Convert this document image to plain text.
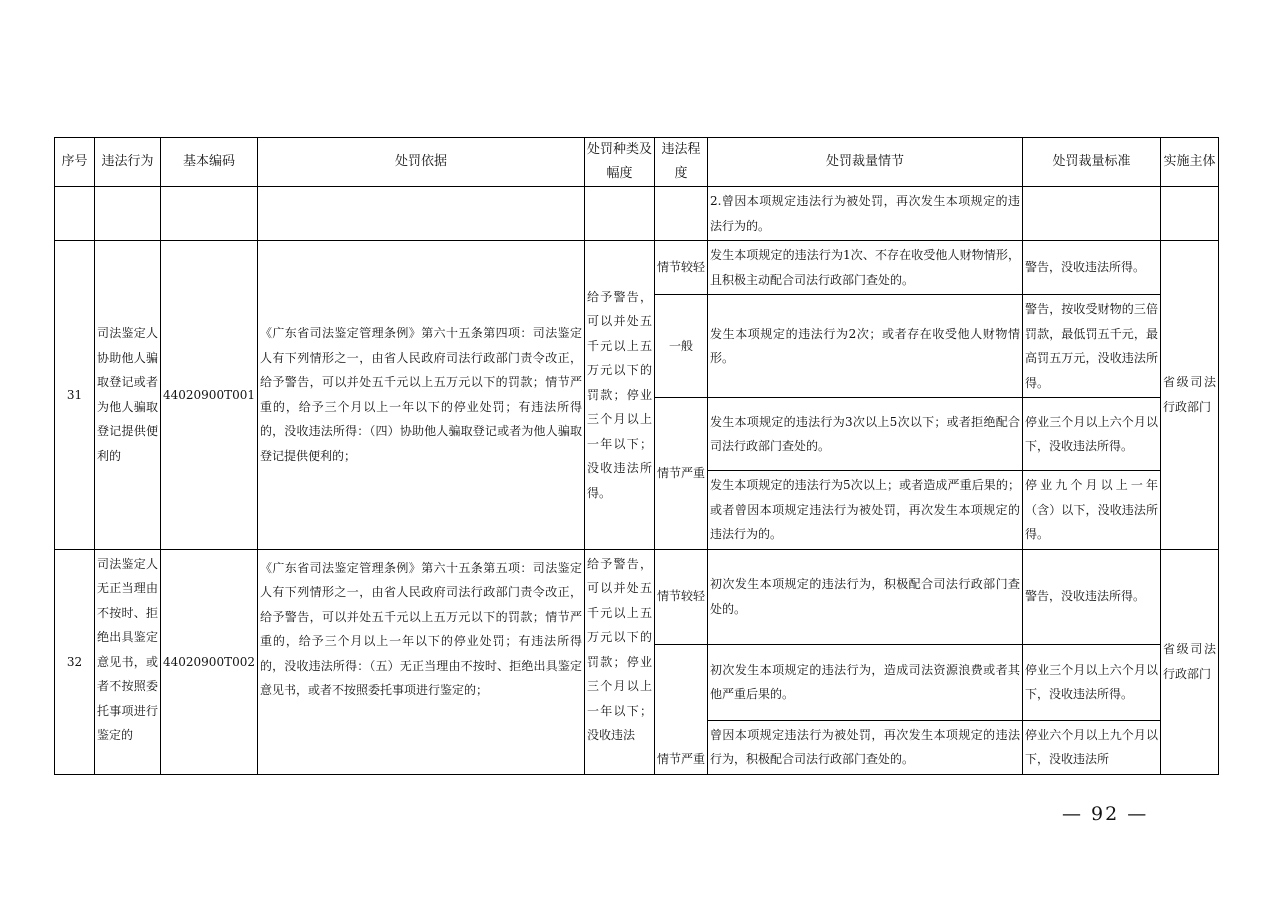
序号	违法行为	基本编码	处罚依据	处罚种类及幅度	违法程度	处罚裁量情节	处罚裁量标准	实施主体
						2.曾因本项规定违法行为被处罚，再次发生本项规定的违法行为的。		
31	司法鉴定人协助他人骗取登记或者为他人骗取登记提供便利的	44020900T001	《广东省司法鉴定管理条例》第六十五条第四项：司法鉴定人有下列情形之一，由省人民政府司法行政部门责令改正，给予警告，可以并处五千元以上五万元以下的罚款；情节严重的，给予三个月以上一年以下的停业处罚；有违法所得的，没收违法所得：（四）协助他人骗取登记或者为他人骗取登记提供便利的；	给予警告，可以并处五千元以上五万元以下的罚款；停业三个月以上一年以下；没收违法所得。	情节较轻	发生本项规定的违法行为1次、不存在收受他人财物情形，且积极主动配合司法行政部门查处的。	警告，没收违法所得。	省级司法行政部门
					一般	发生本项规定的违法行为2次；或者存在收受他人财物情形。	警告，按收受财物的三倍罚款，最低罚五千元，最高罚五万元，没收违法所得。	
					情节严重	发生本项规定的违法行为3次以上5次以下；或者拒绝配合司法行政部门查处的。	停业三个月以上六个月以下，没收违法所得。	
						发生本项规定的违法行为5次以上；或者造成严重后果的；或者曾因本项规定违法行为被处罚，再次发生本项规定的违法行为的。	停业九个月以上一年（含）以下，没收违法所得。	
32	司法鉴定人无正当理由不按时、拒绝出具鉴定意见书，或者不按照委托事项进行鉴定的	44020900T002	《广东省司法鉴定管理条例》第六十五条第五项：司法鉴定人有下列情形之一，由省人民政府司法行政部门责令改正，给予警告，可以并处五千元以上五万元以下的罚款；情节严重的，给予三个月以上一年以下的停业处罚；有违法所得的，没收违法所得：（五）无正当理由不按时、拒绝出具鉴定意见书，或者不按照委托事项进行鉴定的；	给予警告，可以并处五千元以上五万元以下的罚款；停业三个月以上一年以下；没收违法	情节较轻	初次发生本项规定的违法行为，积极配合司法行政部门查处的。	警告，没收违法所得。	省级司法行政部门
					情节严重	初次发生本项规定的违法行为，造成司法资源浪费或者其他严重后果的。	停业三个月以上六个月以下，没收违法所得。	
						曾因本项规定违法行为被处罚，再次发生本项规定的违法行为，积极配合司法行政部门查处的。	停业六个月以上九个月以下，没收违法所	
— 92 —
